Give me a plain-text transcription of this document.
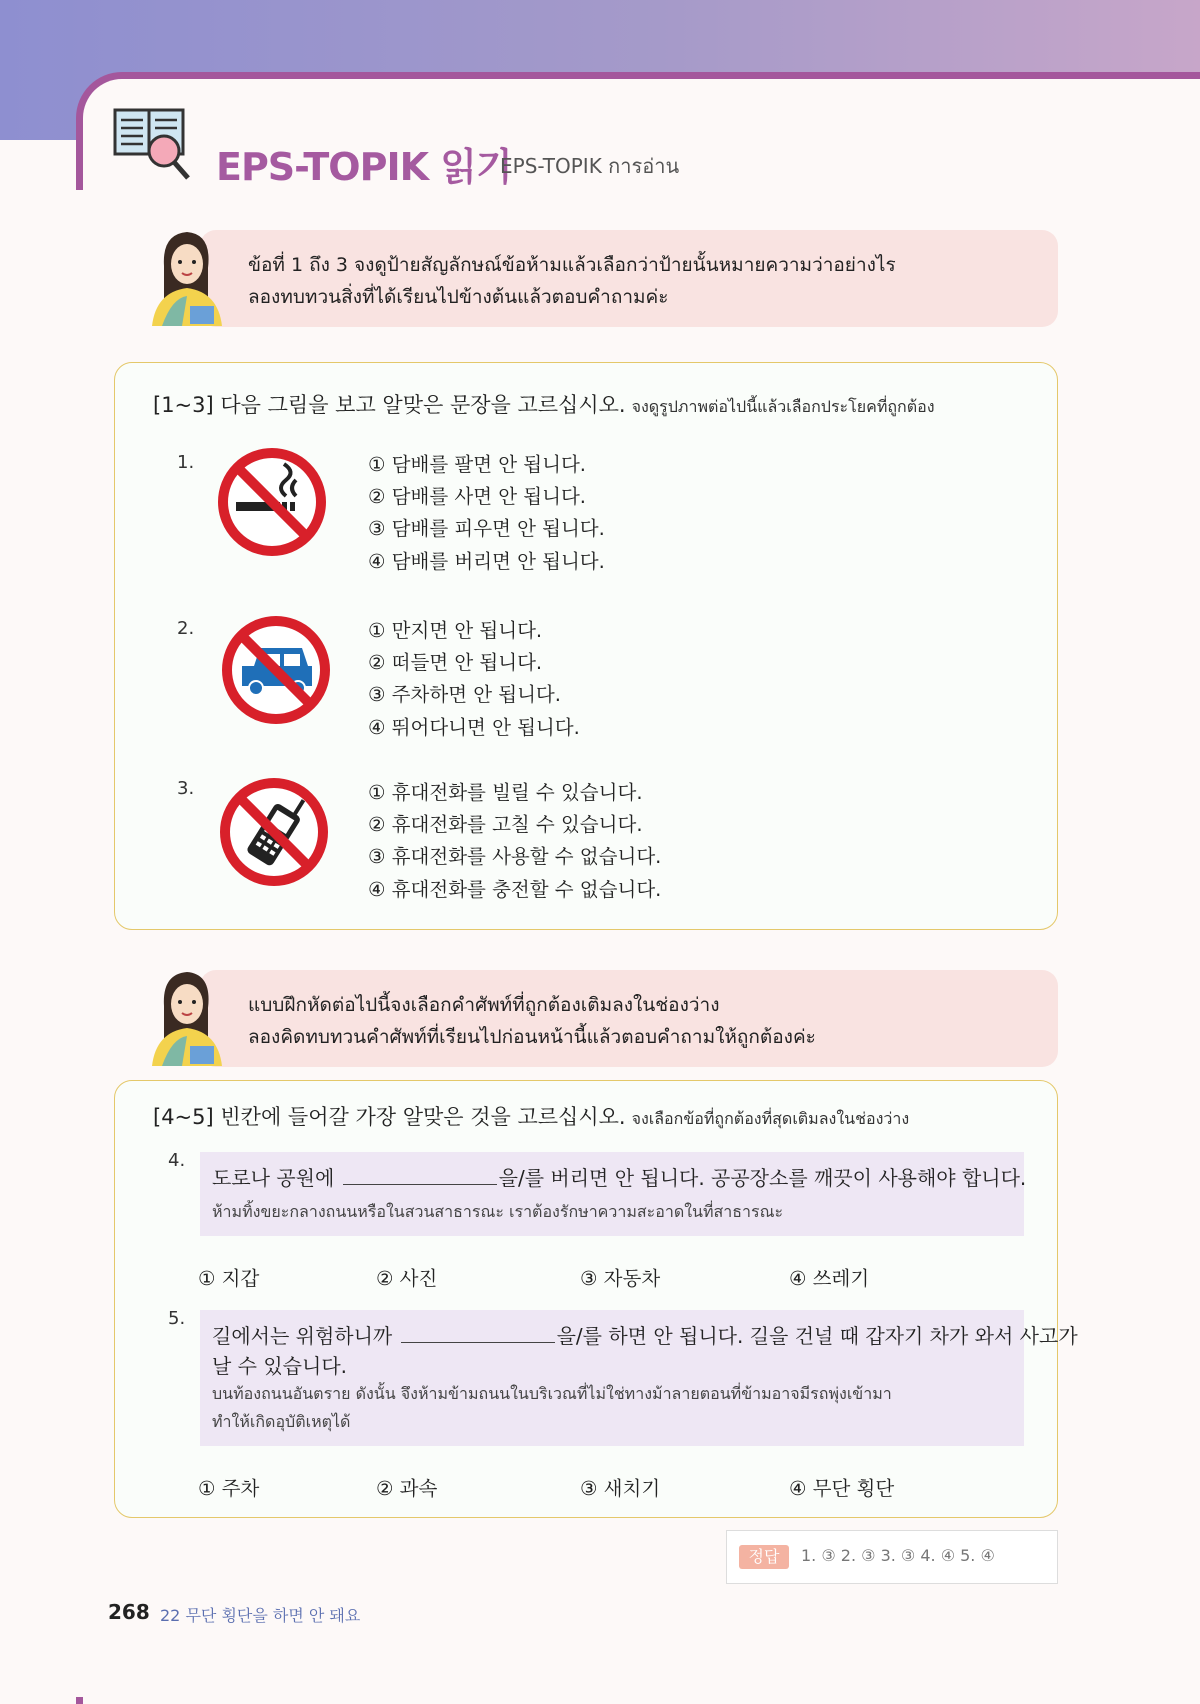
EPS-TOPIK 읽기
EPS-TOPIK การอ่าน
ข้อที่ 1 ถึง 3 จงดูป้ายสัญลักษณ์ข้อห้ามแล้วเลือกว่าป้ายนั้นหมายความว่าอย่างไร
ลองทบทวนสิ่งที่ได้เรียนไปข้างต้นแล้วตอบคำถามค่ะ
[1~3] 다음 그림을 보고 알맞은 문장을 고르십시오. จงดูรูปภาพต่อไปนี้แล้วเลือกประโยคที่ถูกต้อง
1.	① 담배를 팔면 안 됩니다.
② 담배를 사면 안 됩니다.
③ 담배를 피우면 안 됩니다.
④ 담배를 버리면 안 됩니다.
2.	① 만지면 안 됩니다.
② 떠들면 안 됩니다.
③ 주차하면 안 됩니다.
④ 뛰어다니면 안 됩니다.
3.	① 휴대전화를 빌릴 수 있습니다.
② 휴대전화를 고칠 수 있습니다.
③ 휴대전화를 사용할 수 없습니다.
④ 휴대전화를 충전할 수 없습니다.
แบบฝึกหัดต่อไปนี้จงเลือกคำศัพท์ที่ถูกต้องเติมลงในช่องว่าง
ลองคิดทบทวนคำศัพท์ที่เรียนไปก่อนหน้านี้แล้วตอบคำถามให้ถูกต้องค่ะ
[4~5] 빈칸에 들어갈 가장 알맞은 것을 고르십시오. จงเลือกข้อที่ถูกต้องที่สุดเติมลงในช่องว่าง
4.
도로나 공원에	을/를 버리면 안 됩니다. 공공장소를 깨끗이 사용해야 합니다.
ห้ามทิ้งขยะกลางถนนหรือในสวนสาธารณะ เราต้องรักษาความสะอาดในที่สาธารณะ
① 지갑	② 사진	③ 자동차	④ 쓰레기
5.
길에서는 위험하니까	을/를 하면 안 됩니다. 길을 건널 때 갑자기 차가 와서 사고가
날 수 있습니다.
บนท้องถนนอันตราย ดังนั้น จึงห้ามข้ามถนนในบริเวณที่ไม่ใช่ทางม้าลายตอนที่ข้ามอาจมีรถพุ่งเข้ามา
ทำให้เกิดอุบัติเหตุได้
① 주차	② 과속	③ 새치기	④ 무단 횡단
정답	1. ③ 2. ③ 3. ③ 4. ④ 5. ④
268 22 무단 횡단을 하면 안 돼요
